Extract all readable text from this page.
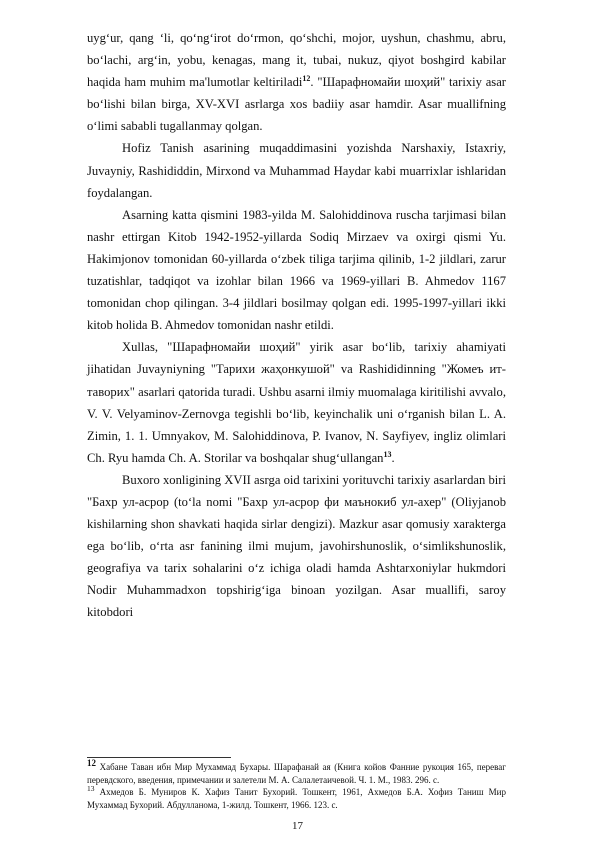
uygʻur, qang ʻli, qoʻngʻirot doʻrmon, qoʻshchi, mojor, uyshun, chashmu, abru, boʻlachi, argʻin, yobu, kenagas, mang it, tubai, nukuz, qiyot boshgird kabilar haqida ham muhim ma'lumotlar keltiriladi$^{12}$. "Шарафномайи шоҳий" tarixiy asar boʻlishi bilan birga, XV-XVI asrlarga xos badiiy asar hamdir. Asar muallifning oʻlimi sababli tugallanmay qolgan.

Hofiz Tanish asarining muqaddimasini yozishda Narshaxiy, Istaxriy, Juvayniy, Rashididdin, Mirxond va Muhammad Haydar kabi muarrixlar ishlaridan foydalangan.

Asarning katta qismini 1983-yilda M. Salohiddinova ruscha tarjimasi bilan nashr ettirgan Kitob 1942-1952-yillarda Sodiq Mirzaev va oxirgi qismi Yu. Hakimjonov tomonidan 60-yillarda oʻzbek tiliga tarjima qilinib, 1-2 jildlari, zarur tuzatishlar, tadqiqot va izohlar bilan 1966 va 1969-yillari B. Ahmedov 1167 tomonidan chop qilingan. 3-4 jildlari bosilmay qolgan edi. 1995-1997-yillari ikki kitob holida B. Ahmedov tomonidan nashr etildi.

Xullas, "Шарафномайи шоҳий" yirik asar boʻlib, tarixiy ahamiyati jihatidan Juvayniyning "Тарихи жаҳонкушой" va Rashididinning "Жомеъ ит-таворих" asarlari qatorida turadi. Ushbu asarni ilmiy muomalaga kiritilishi avvalo, V. V. Velyaminov-Zernovga tegishli boʻlib, keyinchalik uni oʻrganish bilan L. A. Zimin, 1. 1. Umnyakov, M. Salohiddinova, P. Ivanov, N. Sayfiyev, ingliz olimlari Ch. Ryu hamda Ch. A. Storilar va boshqalar shugʻullangan$^{13}$.

Buxoro xonligining XVII asrga oid tarixini yorituvchi tarixiy asarlardan biri "Бахр ул-асрор (toʻla nomi "Бахр ул-асрор фи маънокиб ул-ахер" (Oliyjanob kishilarning shon shavkati haqida sirlar dengizi). Mazkur asar qomusiy xarakterga ega boʻlib, oʻrta asr fanining ilmi mujum, javohirshunoslik, oʻsimlikshunoslik, geografiya va tarix sohalarini oʻz ichiga oladi hamda Ashtarxoniylar hukmdori Nodir Muhammadxon topshirigʻiga binoan yozilgan. Asar muallifi, saroy kitobdori

12 Хабане Таван ибн Мир Мухаммад Бухары. Шарафанай ая (Книга койов Фанние рукоция 165, переваг перевдского, введения, примечании и залетели М. А. Салалетаичевой. Ч. 1. М., 1983. 296. с.

$^{13}$ Ахмедов Б. Муниров К. Хафиз Танит Бухорий. Тошкент, 1961, Ахмедов Б.А. Хофиз Таниш Мир Мухаммад Бухорий. Абдулланома, 1-жилд. Тошкент, 1966. 123. с.

17
